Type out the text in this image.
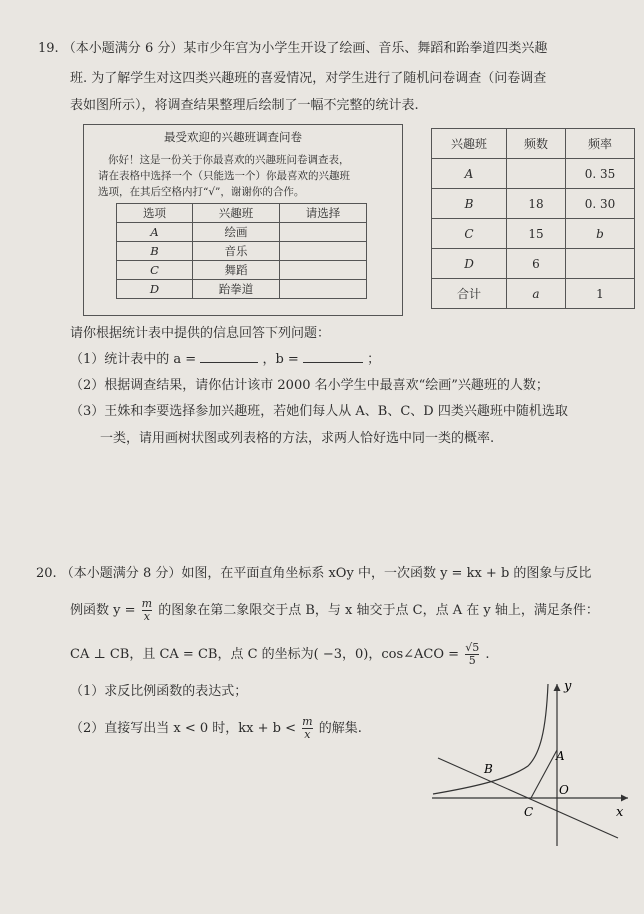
19. （本小题满分 6 分）某市少年宫为小学生开设了绘画、音乐、舞蹈和跆拳道四类兴趣
班. 为了解学生对这四类兴趣班的喜爱情况，对学生进行了随机问卷调查（问卷调查
表如图所示），将调查结果整理后绘制了一幅不完整的统计表.
最受欢迎的兴趣班调查问卷
你好！这是一份关于你最喜欢的兴趣班问卷调查表，
请在表格中选择一个（只能选一个）你最喜欢的兴趣班
选项，在其后空格内打“√”，谢谢你的合作。
选项	兴趣班	请选择
A	绘画	
B	音乐	
C	舞蹈	
D	跆拳道	
兴趣班	频数	频率
A		0. 35
B	18	0. 30
C	15	b
D	6	
合计	a	1
请你根据统计表中提供的信息回答下列问题：
（1）统计表中的 a =	，b =	；
（2）根据调查结果，请你估计该市 2000 名小学生中最喜欢“绘画”兴趣班的人数；
（3）王姝和李要选择参加兴趣班，若她们每人从 A、B、C、D 四类兴趣班中随机选取
一类，请用画树状图或列表格的方法，求两人恰好选中同一类的概率.
20. （本小题满分 8 分）如图，在平面直角坐标系 xOy 中，一次函数 y = kx + b 的图象与反比
例函数 $y = \frac{m}{x}$ 的图象在第二象限交于点 B，与 x 轴交于点 C，点 A 在 y 轴上，满足条件：
CA ⊥ CB，且 CA = CB，点 C 的坐标为( −3，0)，cos∠ACO = $\frac{√5}{5}$ .
（1）求反比例函数的表达式；
（2）直接写出当 x < 0 时，kx + $b < \frac{m}{x}$ 的解集.
y
x
A
B
C
O
